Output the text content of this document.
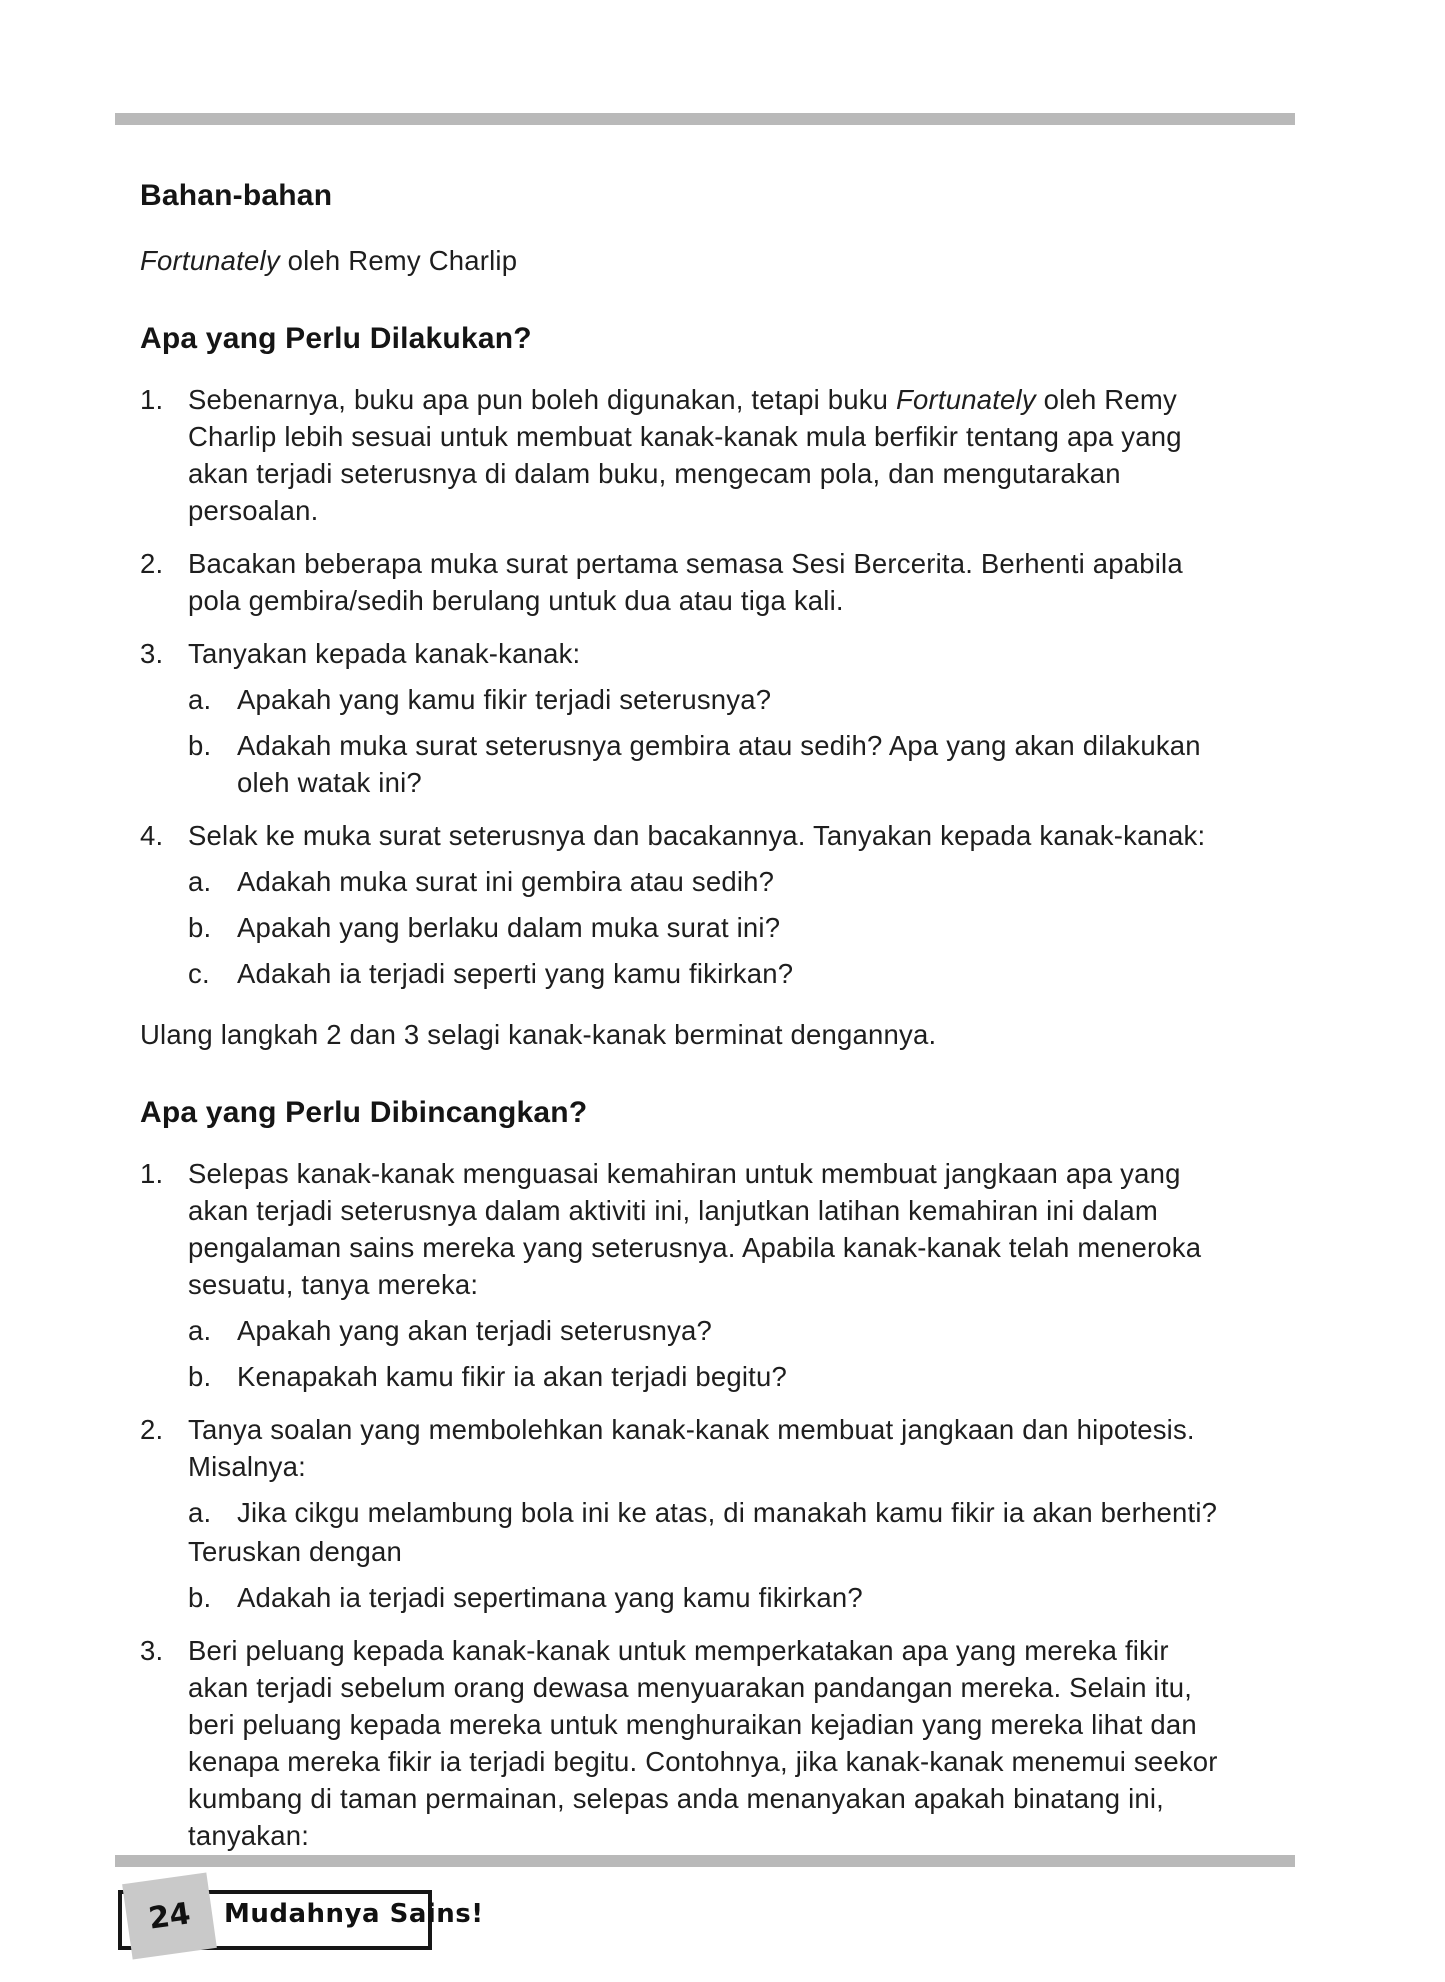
Bahan-bahan

Fortunately oleh Remy Charlip

Apa yang Perlu Dilakukan?
1. Sebenarnya, buku apa pun boleh digunakan, tetapi buku Fortunately oleh Remy Charlip lebih sesuai untuk membuat kanak-kanak mula berfikir tentang apa yang akan terjadi seterusnya di dalam buku, mengecam pola, dan mengutarakan persoalan.
2. Bacakan beberapa muka surat pertama semasa Sesi Bercerita. Berhenti apabila pola gembira/sedih berulang untuk dua atau tiga kali.
3. Tanyakan kepada kanak-kanak:
a. Apakah yang kamu fikir terjadi seterusnya?
b. Adakah muka surat seterusnya gembira atau sedih? Apa yang akan dilakukan oleh watak ini?
4. Selak ke muka surat seterusnya dan bacakannya. Tanyakan kepada kanak-kanak:
a. Adakah muka surat ini gembira atau sedih?
b. Apakah yang berlaku dalam muka surat ini?
c. Adakah ia terjadi seperti yang kamu fikirkan?

Ulang langkah 2 dan 3 selagi kanak-kanak berminat dengannya.

Apa yang Perlu Dibincangkan?
1. Selepas kanak-kanak menguasai kemahiran untuk membuat jangkaan apa yang akan terjadi seterusnya dalam aktiviti ini, lanjutkan latihan kemahiran ini dalam pengalaman sains mereka yang seterusnya. Apabila kanak-kanak telah meneroka sesuatu, tanya mereka:
a. Apakah yang akan terjadi seterusnya?
b. Kenapakah kamu fikir ia akan terjadi begitu?
2. Tanya soalan yang membolehkan kanak-kanak membuat jangkaan dan hipotesis. Misalnya:
a. Jika cikgu melambung bola ini ke atas, di manakah kamu fikir ia akan berhenti?
Teruskan dengan
b. Adakah ia terjadi sepertimana yang kamu fikirkan?
3. Beri peluang kepada kanak-kanak untuk memperkatakan apa yang mereka fikir akan terjadi sebelum orang dewasa menyuarakan pandangan mereka. Selain itu, beri peluang kepada mereka untuk menghuraikan kejadian yang mereka lihat dan kenapa mereka fikir ia terjadi begitu. Contohnya, jika kanak-kanak menemui seekor kumbang di taman permainan, selepas anda menanyakan apakah binatang ini, tanyakan:
24 Mudahnya Sains!
